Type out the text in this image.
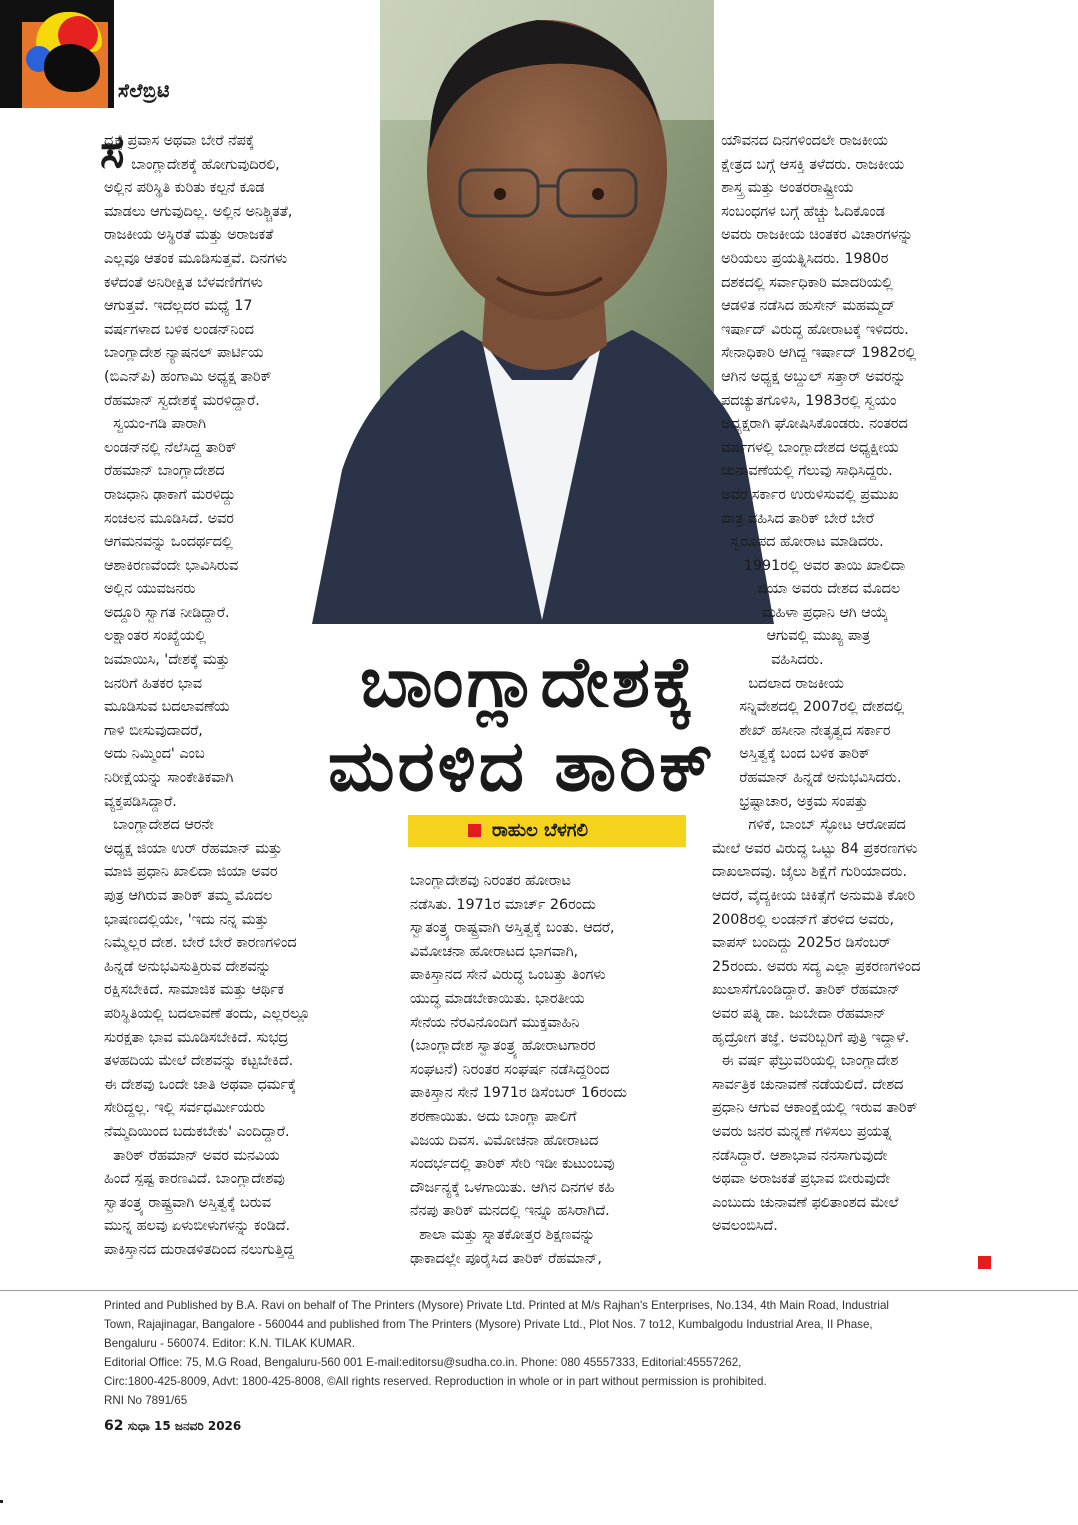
ಸೆಲೆಬ್ರಿಟಿ
ಬಾಂಗ್ಲಾದೇಶಕ್ಕೆ
ಮರಳಿದ ತಾರಿಕ್
ರಾಹುಲ ಬೆಳಗಲಿ
ಸ
ದ್ದಕ್ಕೆ ಪ್ರವಾಸ ಅಥವಾ ಬೇರೆ ನೆಪಕ್ಕೆ
ಬಾಂಗ್ಲಾದೇಶಕ್ಕೆ ಹೋಗುವುದಿರಲಿ,
ಅಲ್ಲಿನ ಪರಿಸ್ಥಿತಿ ಕುರಿತು ಕಲ್ಪನೆ ಕೂಡ
ಮಾಡಲು ಆಗುವುದಿಲ್ಲ. ಅಲ್ಲಿನ ಅನಿಶ್ಚಿತತೆ,
ರಾಜಕೀಯ ಅಸ್ಥಿರತೆ ಮತ್ತು ಅರಾಜಕತೆ
ಎಲ್ಲವೂ ಆತಂಕ ಮೂಡಿಸುತ್ತವೆ. ದಿನಗಳು
ಕಳೆದಂತೆ ಅನಿರೀಕ್ಷಿತ ಬೆಳವಣಿಗೆಗಳು
ಆಗುತ್ತವೆ. ಇದೆಲ್ಲದರ ಮಧ್ಯೆ 17
ವರ್ಷಗಳಾದ ಬಳಿಕ ಲಂಡನ್‌ನಿಂದ
ಬಾಂಗ್ಲಾದೇಶ ನ್ಯಾಷನಲ್ ಪಾರ್ಟಿಯ
(ಬಿಎನ್‌ಪಿ) ಹಂಗಾಮಿ ಅಧ್ಯಕ್ಷ ತಾರಿಕ್
ರೆಹಮಾನ್ ಸ್ವದೇಶಕ್ಕೆ ಮರಳಿದ್ದಾರೆ.
ಸ್ವಯಂ-ಗಡಿ ಪಾರಾಗಿ
ಲಂಡನ್‌ನಲ್ಲಿ ನೆಲೆಸಿದ್ದ ತಾರಿಕ್
ರೆಹಮಾನ್ ಬಾಂಗ್ಲಾದೇಶದ
ರಾಜಧಾನಿ ಢಾಕಾಗೆ ಮರಳಿದ್ದು
ಸಂಚಲನ ಮೂಡಿಸಿದೆ. ಅವರ
ಆಗಮನವನ್ನು ಒಂದರ್ಥದಲ್ಲಿ
ಆಶಾಕಿರಣವೆಂದೇ ಭಾವಿಸಿರುವ
ಅಲ್ಲಿನ ಯುವಜನರು
ಅದ್ದೂರಿ ಸ್ವಾಗತ ನೀಡಿದ್ದಾರೆ.
ಲಕ್ಷಾಂತರ ಸಂಖ್ಯೆಯಲ್ಲಿ
ಜಮಾಯಿಸಿ, 'ದೇಶಕ್ಕೆ ಮತ್ತು
ಜನರಿಗೆ ಹಿತಕರ ಭಾವ
ಮೂಡಿಸುವ ಬದಲಾವಣೆಯ
ಗಾಳಿ ಬೀಸುವುದಾದರೆ,
ಅದು ನಿಮ್ಮಿಂದ' ಎಂಬ
ನಿರೀಕ್ಷೆಯನ್ನು ಸಾಂಕೇತಿಕವಾಗಿ
ವ್ಯಕ್ತಪಡಿಸಿದ್ದಾರೆ.
ಬಾಂಗ್ಲಾದೇಶದ ಆರನೇ
ಅಧ್ಯಕ್ಷ ಜಿಯಾ ಉರ್ ರೆಹಮಾನ್ ಮತ್ತು
ಮಾಜಿ ಪ್ರಧಾನಿ ಖಾಲಿದಾ ಜಿಯಾ ಅವರ
ಪುತ್ರ ಆಗಿರುವ ತಾರಿಕ್ ತಮ್ಮ ಮೊದಲ
ಭಾಷಣದಲ್ಲಿಯೇ, 'ಇದು ನನ್ನ ಮತ್ತು
ನಿಮ್ಮೆಲ್ಲರ ದೇಶ. ಬೇರೆ ಬೇರೆ ಕಾರಣಗಳಿಂದ
ಹಿನ್ನಡೆ ಅನುಭವಿಸುತ್ತಿರುವ ದೇಶವನ್ನು
ರಕ್ಷಿಸಬೇಕಿದೆ. ಸಾಮಾಜಿಕ ಮತ್ತು ಆರ್ಥಿಕ
ಪರಿಸ್ಥಿತಿಯಲ್ಲಿ ಬದಲಾವಣೆ ತಂದು, ಎಲ್ಲರಲ್ಲೂ
ಸುರಕ್ಷತಾ ಭಾವ ಮೂಡಿಸಬೇಕಿದೆ. ಸುಭದ್ರ
ತಳಹದಿಯ ಮೇಲೆ ದೇಶವನ್ನು ಕಟ್ಟಬೇಕಿದೆ.
ಈ ದೇಶವು ಒಂದೇ ಜಾತಿ ಅಥವಾ ಧರ್ಮಕ್ಕೆ
ಸೇರಿದ್ದಲ್ಲ. ಇಲ್ಲಿ ಸರ್ವಧರ್ಮೀಯರು
ನೆಮ್ಮದಿಯಿಂದ ಬದುಕಬೇಕು' ಎಂದಿದ್ದಾರೆ.
ತಾರಿಕ್ ರೆಹಮಾನ್ ಅವರ ಮನವಿಯ
ಹಿಂದೆ ಸ್ಪಷ್ಟ ಕಾರಣವಿದೆ. ಬಾಂಗ್ಲಾದೇಶವು
ಸ್ವಾತಂತ್ರ್ಯ ರಾಷ್ಟ್ರವಾಗಿ ಅಸ್ತಿತ್ವಕ್ಕೆ ಬರುವ
ಮುನ್ನ ಹಲವು ಏಳುಬೀಳುಗಳನ್ನು ಕಂಡಿದೆ.
ಪಾಕಿಸ್ತಾನದ ದುರಾಡಳಿತದಿಂದ ನಲುಗುತ್ತಿದ್ದ
ಬಾಂಗ್ಲಾದೇಶವು ನಿರಂತರ ಹೋರಾಟ
ನಡೆಸಿತು. 1971ರ ಮಾರ್ಚ್ 26ರಂದು
ಸ್ವಾತಂತ್ರ್ಯ ರಾಷ್ಟ್ರವಾಗಿ ಅಸ್ತಿತ್ವಕ್ಕೆ ಬಂತು. ಆದರೆ,
ವಿಮೋಚನಾ ಹೋರಾಟದ ಭಾಗವಾಗಿ,
ಪಾಕಿಸ್ತಾನದ ಸೇನೆ ವಿರುದ್ಧ ಒಂಬತ್ತು ತಿಂಗಳು
ಯುದ್ಧ ಮಾಡಬೇಕಾಯಿತು. ಭಾರತೀಯ
ಸೇನೆಯ ನೆರವಿನೊಂದಿಗೆ ಮುಕ್ತವಾಹಿನಿ
(ಬಾಂಗ್ಲಾದೇಶ ಸ್ವಾತಂತ್ರ್ಯ ಹೋರಾಟಗಾರರ
ಸಂಘಟನೆ) ನಿರಂತರ ಸಂಘರ್ಷ ನಡೆಸಿದ್ದರಿಂದ
ಪಾಕಿಸ್ತಾನ ಸೇನೆ 1971ರ ಡಿಸೆಂಬರ್ 16ರಂದು
ಶರಣಾಯಿತು. ಅದು ಬಾಂಗ್ಲಾ ಪಾಲಿಗೆ
ವಿಜಯ ದಿವಸ. ವಿಮೋಚನಾ ಹೋರಾಟದ
ಸಂದರ್ಭದಲ್ಲಿ ತಾರಿಕ್ ಸೇರಿ ಇಡೀ ಕುಟುಂಬವು
ದೌರ್ಜನ್ಯಕ್ಕೆ ಒಳಗಾಯಿತು. ಆಗಿನ ದಿನಗಳ ಕಹಿ
ನೆನಪು ತಾರಿಕ್ ಮನದಲ್ಲಿ ಇನ್ನೂ ಹಸಿರಾಗಿದೆ.
ಶಾಲಾ ಮತ್ತು ಸ್ನಾತಕೋತ್ತರ ಶಿಕ್ಷಣವನ್ನು
ಢಾಕಾದಲ್ಲೇ ಪೂರೈಸಿದ ತಾರಿಕ್ ರೆಹಮಾನ್,
ಯೌವನದ ದಿನಗಳಿಂದಲೇ ರಾಜಕೀಯ
ಕ್ಷೇತ್ರದ ಬಗ್ಗೆ ಆಸಕ್ತಿ ತಳೆದರು. ರಾಜಕೀಯ
ಶಾಸ್ತ್ರ ಮತ್ತು ಅಂತರರಾಷ್ಟ್ರೀಯ
ಸಂಬಂಧಗಳ ಬಗ್ಗೆ ಹೆಚ್ಚು ಓದಿಕೊಂಡ
ಅವರು ರಾಜಕೀಯ ಚಿಂತಕರ ವಿಚಾರಗಳನ್ನು
ಅರಿಯಲು ಪ್ರಯತ್ನಿಸಿದರು. 1980ರ
ದಶಕದಲ್ಲಿ ಸರ್ವಾಧಿಕಾರಿ ಮಾದರಿಯಲ್ಲಿ
ಆಡಳಿತ ನಡೆಸಿದ ಹುಸೇನ್ ಮಹಮ್ಮದ್
ಇರ್ಷಾದ್ ವಿರುದ್ಧ ಹೋರಾಟಕ್ಕೆ ಇಳಿದರು.
ಸೇನಾಧಿಕಾರಿ ಆಗಿದ್ದ ಇರ್ಷಾದ್ 1982ರಲ್ಲಿ
ಆಗಿನ ಅಧ್ಯಕ್ಷ ಅಬ್ದುಲ್ ಸತ್ತಾರ್ ಅವರನ್ನು
ಪದಚ್ಯುತಗೊಳಿಸಿ, 1983ರಲ್ಲಿ ಸ್ವಯಂ
ಅಧ್ಯಕ್ಷರಾಗಿ ಘೋಷಿಸಿಕೊಂಡರು. ನಂತರದ
ವರ್ಷಗಳಲ್ಲಿ ಬಾಂಗ್ಲಾದೇಶದ ಅಧ್ಯಕ್ಷೀಯ
ಚುನಾವಣೆಯಲ್ಲಿ ಗೆಲುವು ಸಾಧಿಸಿದ್ದರು.
ಅವರ ಸರ್ಕಾರ ಉರುಳಿಸುವಲ್ಲಿ ಪ್ರಮುಖ
ಪಾತ್ರ ವಹಿಸಿದ ತಾರಿಕ್ ಬೇರೆ ಬೇರೆ
ಸ್ವರೂಪದ ಹೋರಾಟ ಮಾಡಿದರು.
1991ರಲ್ಲಿ ಅವರ ತಾಯಿ ಖಾಲಿದಾ
ಜಿಯಾ ಅವರು ದೇಶದ ಮೊದಲ
ಮಹಿಳಾ ಪ್ರಧಾನಿ ಆಗಿ ಆಯ್ಕೆ
ಆಗುವಲ್ಲಿ ಮುಖ್ಯ ಪಾತ್ರ
ವಹಿಸಿದರು.
ಬದಲಾದ ರಾಜಕೀಯ
ಸನ್ನಿವೇಶದಲ್ಲಿ 2007ರಲ್ಲಿ ದೇಶದಲ್ಲಿ
ಶೇಖ್ ಹಸೀನಾ ನೇತೃತ್ವದ ಸರ್ಕಾರ
ಅಸ್ತಿತ್ವಕ್ಕೆ ಬಂದ ಬಳಿಕ ತಾರಿಕ್
ರೆಹಮಾನ್ ಹಿನ್ನಡೆ ಅನುಭವಿಸಿದರು.
ಭ್ರಷ್ಟಾಚಾರ, ಅಕ್ರಮ ಸಂಪತ್ತು
ಗಳಿಕೆ, ಬಾಂಬ್ ಸ್ಫೋಟ ಆರೋಪದ
ಮೇಲೆ ಅವರ ವಿರುದ್ಧ ಒಟ್ಟು 84 ಪ್ರಕರಣಗಳು
ದಾಖಲಾದವು. ಜೈಲು ಶಿಕ್ಷೆಗೆ ಗುರಿಯಾದರು.
ಆದರೆ, ವೈದ್ಯಕೀಯ ಚಿಕಿತ್ಸೆಗೆ ಅನುಮತಿ ಕೋರಿ
2008ರಲ್ಲಿ ಲಂಡನ್‌ಗೆ ತೆರಳಿದ ಅವರು,
ವಾಪಸ್ ಬಂದಿದ್ದು 2025ರ ಡಿಸೆಂಬರ್
25ರಂದು. ಅವರು ಸದ್ಯ ಎಲ್ಲಾ ಪ್ರಕರಣಗಳಿಂದ
ಖುಲಾಸೆಗೊಂಡಿದ್ದಾರೆ. ತಾರಿಕ್ ರೆಹಮಾನ್
ಅವರ ಪತ್ನಿ ಡಾ. ಜುಬೇದಾ ರೆಹಮಾನ್
ಹೃದ್ರೋಗ ತಜ್ಞೆ. ಅವರಿಬ್ಬರಿಗೆ ಪುತ್ರಿ ಇದ್ದಾಳೆ.
ಈ ವರ್ಷ ಫೆಬ್ರುವರಿಯಲ್ಲಿ ಬಾಂಗ್ಲಾದೇಶ
ಸಾರ್ವತ್ರಿಕ ಚುನಾವಣೆ ನಡೆಯಲಿದೆ. ದೇಶದ
ಪ್ರಧಾನಿ ಆಗುವ ಆಕಾಂಕ್ಷೆಯಲ್ಲಿ ಇರುವ ತಾರಿಕ್
ಅವರು ಜನರ ಮನ್ನಣೆ ಗಳಿಸಲು ಪ್ರಯತ್ನ
ನಡೆಸಿದ್ದಾರೆ. ಆಶಾಭಾವ ನನಸಾಗುವುದೇ
ಅಥವಾ ಅರಾಜಕತೆ ಪ್ರಭಾವ ಬೀರುವುದೇ
ಎಂಬುದು ಚುನಾವಣೆ ಫಲಿತಾಂಶದ ಮೇಲೆ
ಅವಲಂಬಿಸಿದೆ.
Printed and Published by B.A. Ravi on behalf of The Printers (Mysore) Private Ltd. Printed at M/s Rajhan's Enterprises, No.134, 4th Main Road, Industrial
Town, Rajajinagar, Bangalore - 560044 and published from The Printers (Mysore) Private Ltd., Plot Nos. 7 to12, Kumbalgodu Industrial Area, II Phase,
Bengaluru - 560074. Editor: K.N. TILAK KUMAR.
Editorial Office: 75, M.G Road, Bengaluru-560 001 E-mail:editorsu@sudha.co.in. Phone: 080 45557333, Editorial:45557262,
Circ:1800-425-8009, Advt: 1800-425-8008, ©All rights reserved. Reproduction in whole or in part without permission is prohibited.
RNI No 7891/65
62 ಸುಧಾ 15 ಜನವರಿ 2026
